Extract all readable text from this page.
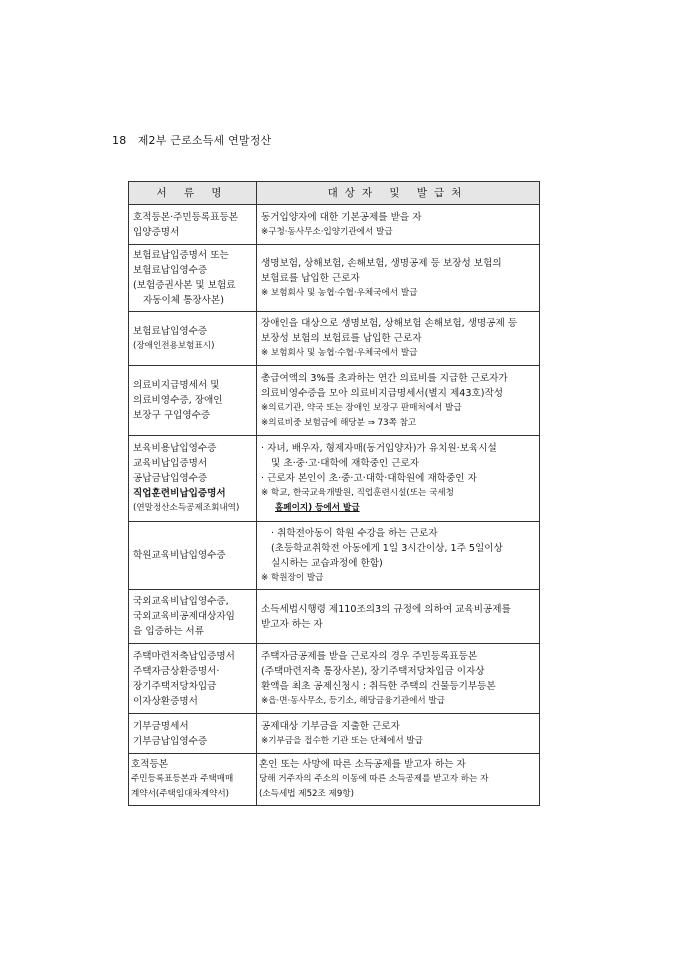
18 제2부 근로소득세 연말정산
서 류 명	대상자 및 발급처

호적등본·주민등록표등본
입양증명서	동거입양자에 대한 기본공제를 받을 자
※구청·동사무소·입양기관에서 발급

보험료납입증명서 또는
보험료납입영수증
(보험증권사본 및 보험료
자동이체 통장사본)	생명보험, 상해보험, 손해보험, 생명공제 등 보장성 보험의
보험료를 납입한 근로자
※ 보험회사 및 농협·수협·우체국에서 발급

보험료납입영수증
(장애인전용보험표시)	장애인을 대상으로 생명보험, 상해보험 손해보험, 생명공제 등
보장성 보험의 보험료를 납입한 근로자
※ 보험회사 및 농협·수협·우체국에서 발급

의료비지급명세서 및
의료비영수증, 장애인
보장구 구입영수증	총급여액의 3%를 초과하는 연간 의료비를 지급한 근로자가
의료비영수증을 모아 의료비지급명세서(별지 제43호)작성
※의료기관, 약국 또는 장애인 보장구 판매처에서 발급
※의료비중 보험금에 해당분 ⇒ 73쪽 참고

보육비용납입영수증
교육비납입증명서
공납금납입영수증
직업훈련비납입증명서
(연말정산소득공제조회내역)	· 자녀, 배우자, 형제자매(동거입양자)가 유치원·보육시설
및 초·중·고·대학에 재학중인 근로자
· 근로자 본인이 초·중·고·대학·대학원에 재학중인 자
※ 학교, 한국교육개발원, 직업훈련시설(또는 국세청
홈페이지) 등에서 발급

학원교육비납입영수증	· 취학전아동이 학원 수강을 하는 근로자
(초등학교취학전 아동에게 1일 3시간이상, 1주 5일이상
실시하는 교습과정에 한함)
※ 학원장이 발급

국외교육비납입영수증,
국외교육비공제대상자임
을 입증하는 서류	소득세법시행령 제110조의3의 규정에 의하여 교육비공제를
받고자 하는 자

주택마련저축납입증명서
주택자금상환증명서·
장기주택저당차입금
이자상환증명서	주택자금공제를 받을 근로자의 경우 주민등록표등본
(주택마련저축 통장사본), 장기주택저당차입금 이자상
환액을 최초 공제신청시 : 취득한 주택의 건물등기부등본
※읍·면·동사무소, 등기소, 해당금융기관에서 발급

기부금명세서
기부금납입영수증	공제대상 기부금을 지출한 근로자
※기부금을 접수한 기관 또는 단체에서 발급

호적등본
주민등록표등본과 주택매매
계약서(주택임대차계약서)	혼인 또는 사망에 따른 소득공제를 받고자 하는 자
당해 거주자의 주소의 이동에 따른 소득공제를 받고자 하는 자
(소득세법 제52조 제9항)
